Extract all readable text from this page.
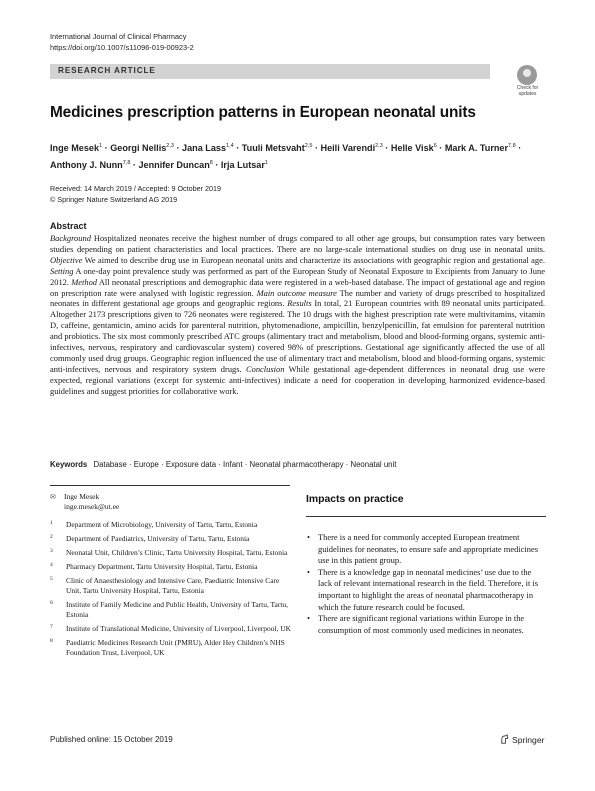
International Journal of Clinical Pharmacy
https://doi.org/10.1007/s11096-019-00923-2
RESEARCH ARTICLE
Check for
updates
Medicines prescription patterns in European neonatal units
Inge Mesek$^1$ · Georgi Nellis$^{2,3}$ · Jana Lass$^{1,4}$ · Tuuli Metsvaht$^{2,5}$ · Heili Varendi$^{2,3}$ · Helle Visk$^6$ · Mark A. Turner$^{7,8}$ · Anthony J. Nunn$^{7,8}$ · Jennifer Duncan$^8$ · Irja Lutsar$^1$
Received: 14 March 2019 / Accepted: 9 October 2019
© Springer Nature Switzerland AG 2019
Abstract
Background Hospitalized neonates receive the highest number of drugs compared to all other age groups, but consumption rates vary between studies depending on patient characteristics and local practices. There are no large-scale international studies on drug use in neonatal units. Objective We aimed to describe drug use in European neonatal units and characterize its associations with geographic region and gestational age. Setting A one-day point prevalence study was performed as part of the European Study of Neonatal Exposure to Excipients from January to June 2012. Method All neonatal prescriptions and demographic data were registered in a web-based database. The impact of gestational age and region on prescription rate were analysed with logistic regression. Main outcome measure The number and variety of drugs prescribed to hospitalized neonates in different gestational age groups and geographic regions. Results In total, 21 European countries with 89 neonatal units participated. Altogether 2173 prescriptions given to 726 neonates were registered. The 10 drugs with the highest prescription rate were multivitamins, vitamin D, caffeine, gentamicin, amino acids for parenteral nutrition, phytomenadione, ampicillin, benzylpenicillin, fat emulsion for parenteral nutrition and probiotics. The six most commonly prescribed ATC groups (alimentary tract and metabolism, blood and blood-forming organs, systemic anti-infectives, nervous, respiratory and cardiovascular system) covered 98% of prescriptions. Gestational age significantly affected the use of all commonly used drug groups. Geographic region influenced the use of alimentary tract and metabolism, blood and blood-forming organs, systemic anti-infectives, nervous and respiratory system drugs. Conclusion While gestational age-dependent differences in neonatal drug use were expected, regional variations (except for systemic anti-infectives) indicate a need for cooperation in developing harmonized evidence-based guidelines and suggest priorities for collaborative work.
Keywords Database · Europe · Exposure data · Infant · Neonatal pharmacotherapy · Neonatal unit
✉ Inge Mesek
inge.mesek@ut.ee
1 Department of Microbiology, University of Tartu, Tartu, Estonia
2 Department of Paediatrics, University of Tartu, Tartu, Estonia
3 Neonatal Unit, Children’s Clinic, Tartu University Hospital, Tartu, Estonia
4 Pharmacy Department, Tartu University Hospital, Tartu, Estonia
5 Clinic of Anaesthesiology and Intensive Care, Paediatric Intensive Care Unit, Tartu University Hospital, Tartu, Estonia
6 Institute of Family Medicine and Public Health, University of Tartu, Tartu, Estonia
7 Institute of Translational Medicine, University of Liverpool, Liverpool, UK
8 Paediatric Medicines Research Unit (PMRU), Alder Hey Children’s NHS Foundation Trust, Liverpool, UK
Impacts on practice
• There is a need for commonly accepted European treatment guidelines for neonates, to ensure safe and appropriate medicines use in this patient group.
• There is a knowledge gap in neonatal medicines’ use due to the lack of relevant international research in the field. Therefore, it is important to highlight the areas of neonatal pharmacotherapy in which the future research could be focused.
• There are significant regional variations within Europe in the consumption of most commonly used medicines in neonates.
Published online: 15 October 2019	Springer
